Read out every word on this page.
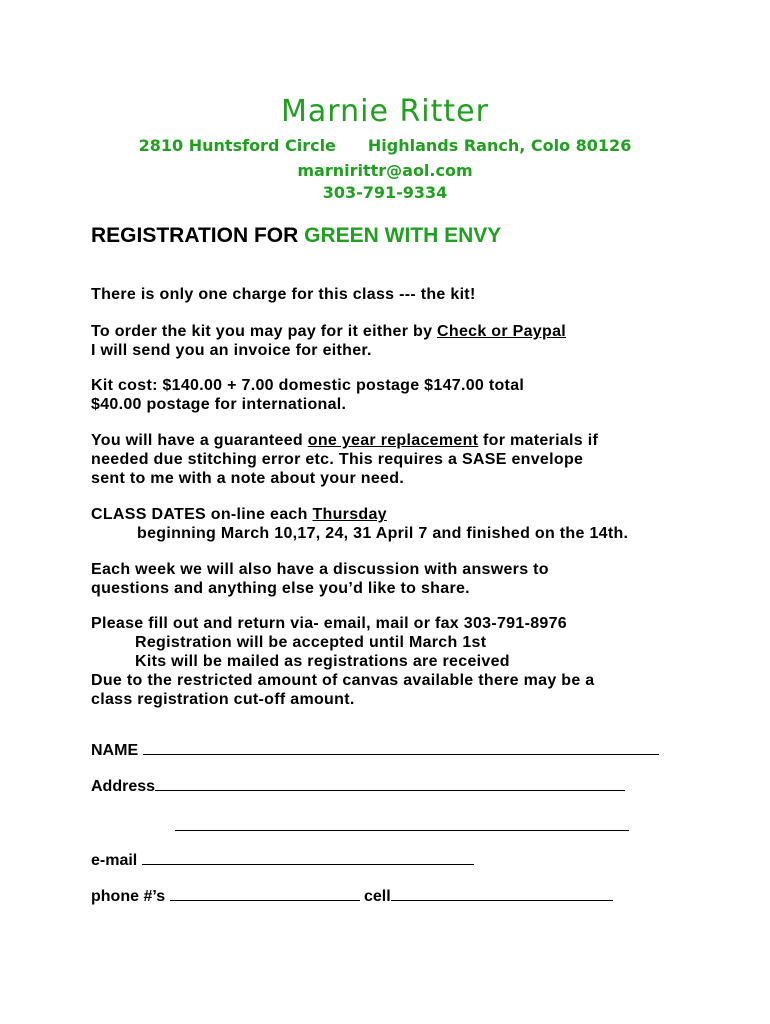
Marnie Ritter
2810 Huntsford Circle Highlands Ranch, Colo 80126
marnirittr@aol.com
303-791-9334
REGISTRATION FOR GREEN WITH ENVY
There is only one charge for this class --- the kit!
To order the kit you may pay for it either by Check or Paypal
I will send you an invoice for either.
Kit cost: $140.00 + 7.00 domestic postage $147.00 total
$40.00 postage for international.
You will have a guaranteed one year replacement for materials if
needed due stitching error etc. This requires a SASE envelope
sent to me with a note about your need.
CLASS DATES on-line each Thursday
beginning March 10,17, 24, 31 April 7 and finished on the 14th.
Each week we will also have a discussion with answers to
questions and anything else you’d like to share.
Please fill out and return via- email, mail or fax 303-791-8976
Registration will be accepted until March 1st
Kits will be mailed as registrations are received
Due to the restricted amount of canvas available there may be a
class registration cut-off amount.
NAME
Address
e-mail
phone #’s	cell
